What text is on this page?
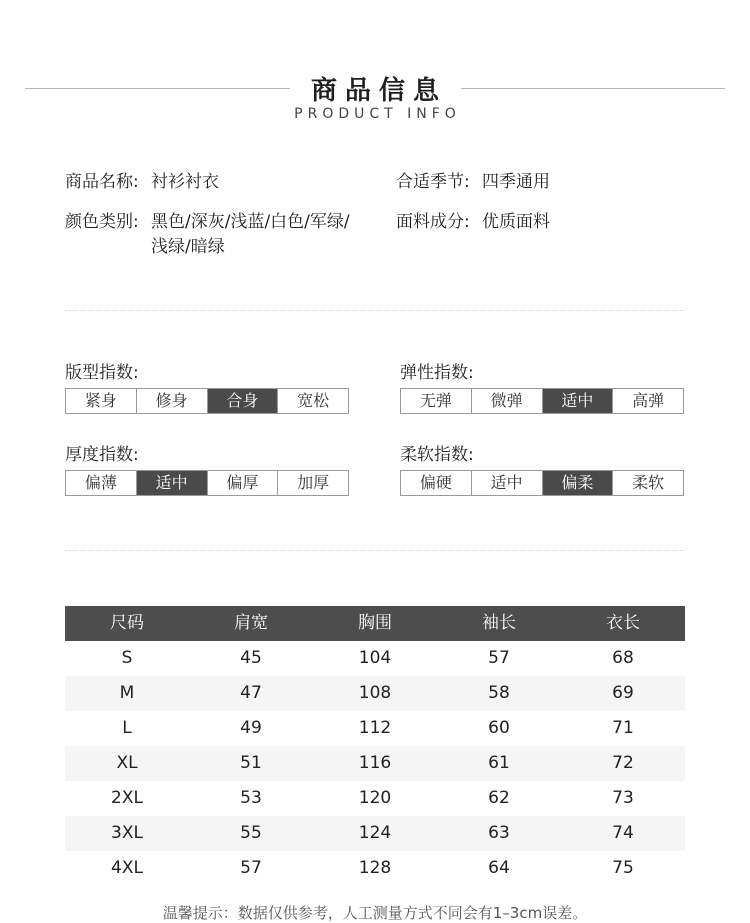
商品信息
PRODUCT INFO
商品名称: 衬衫衬衣	合适季节: 四季通用
颜色类别: 黑色/深灰/浅蓝/白色/军绿/浅绿/暗绿
面料成分: 优质面料
版型指数:
紧身	修身	合身	宽松
弹性指数:
无弹	微弹	适中	高弹
厚度指数:
偏薄	适中	偏厚	加厚
柔软指数:
偏硬	适中	偏柔	柔软
尺码	肩宽	胸围	袖长	衣长
S	45	104	57	68
M	47	108	58	69
L	49	112	60	71
XL	51	116	61	72
2XL	53	120	62	73
3XL	55	124	63	74
4XL	57	128	64	75
温馨提示：数据仅供参考，人工测量方式不同会有1–3cm误差。
